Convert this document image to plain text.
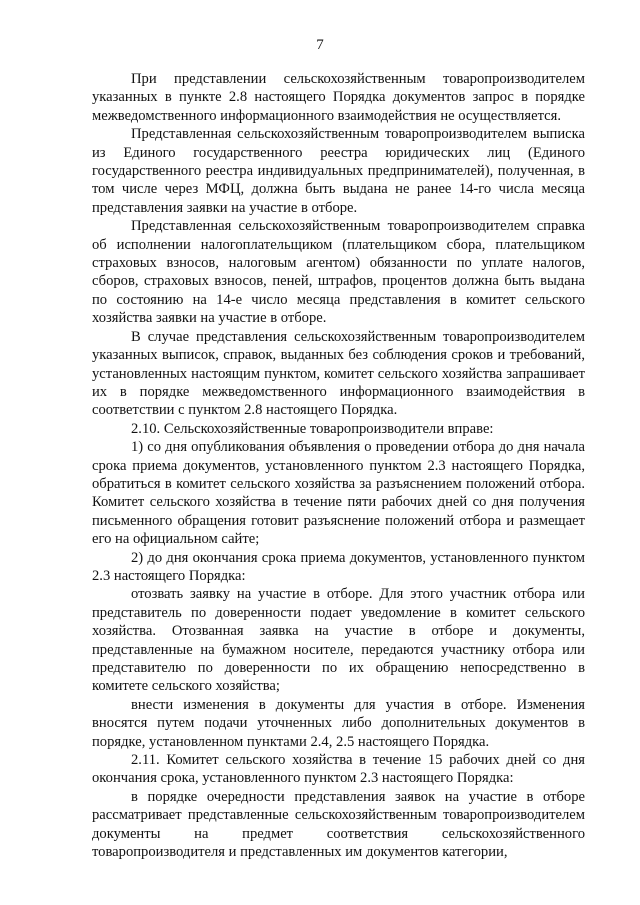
7

При представлении сельскохозяйственным товаропроизводителем указанных в пункте 2.8 настоящего Порядка документов запрос в порядке межведомственного информационного взаимодействия не осуществляется.

Представленная сельскохозяйственным товаропроизводителем выписка из Единого государственного реестра юридических лиц (Единого государственного реестра индивидуальных предпринимателей), полученная, в том числе через МФЦ, должна быть выдана не ранее 14-го числа месяца представления заявки на участие в отборе.

Представленная сельскохозяйственным товаропроизводителем справка об исполнении налогоплательщиком (плательщиком сбора, плательщиком страховых взносов, налоговым агентом) обязанности по уплате налогов, сборов, страховых взносов, пеней, штрафов, процентов должна быть выдана по состоянию на 14-е число месяца представления в комитет сельского хозяйства заявки на участие в отборе.

В случае представления сельскохозяйственным товаропроизводителем указанных выписок, справок, выданных без соблюдения сроков и требований, установленных настоящим пунктом, комитет сельского хозяйства запрашивает их в порядке межведомственного информационного взаимодействия в соответствии с пунктом 2.8 настоящего Порядка.

2.10. Сельскохозяйственные товаропроизводители вправе:

1) со дня опубликования объявления о проведении отбора до дня начала срока приема документов, установленного пунктом 2.3 настоящего Порядка, обратиться в комитет сельского хозяйства за разъяснением положений отбора. Комитет сельского хозяйства в течение пяти рабочих дней со дня получения письменного обращения готовит разъяснение положений отбора и размещает его на официальном сайте;

2) до дня окончания срока приема документов, установленного пунктом 2.3 настоящего Порядка:

отозвать заявку на участие в отборе. Для этого участник отбора или представитель по доверенности подает уведомление в комитет сельского хозяйства. Отозванная заявка на участие в отборе и документы, представленные на бумажном носителе, передаются участнику отбора или представителю по доверенности по их обращению непосредственно в комитете сельского хозяйства;

внести изменения в документы для участия в отборе. Изменения вносятся путем подачи уточненных либо дополнительных документов в порядке, установленном пунктами 2.4, 2.5 настоящего Порядка.

2.11. Комитет сельского хозяйства в течение 15 рабочих дней со дня окончания срока, установленного пунктом 2.3 настоящего Порядка:

в порядке очередности представления заявок на участие в отборе рассматривает представленные сельскохозяйственным товаропроизводителем документы на предмет соответствия сельскохозяйственного товаропроизводителя и представленных им документов категории,
